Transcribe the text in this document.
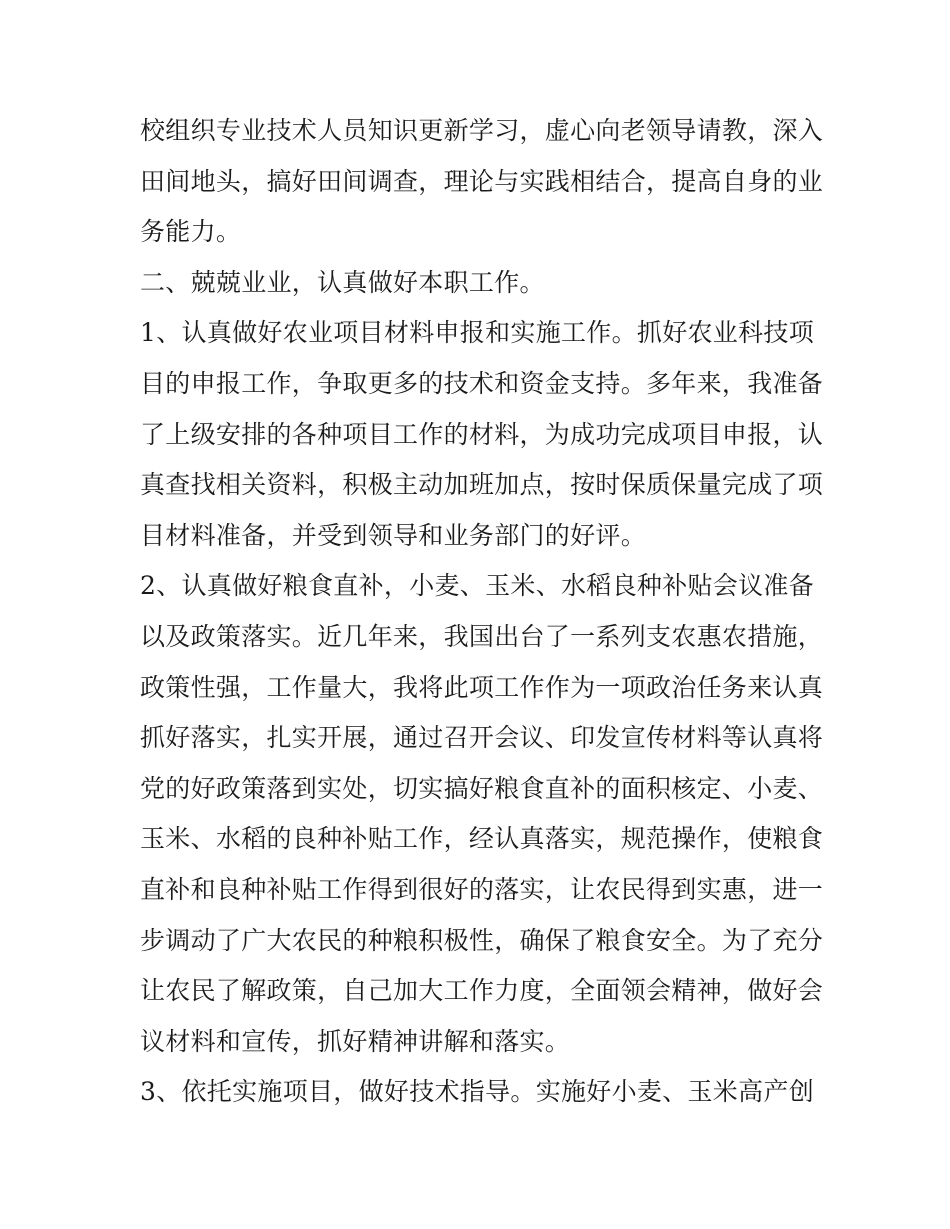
校组织专业技术人员知识更新学习，虚心向老领导请教，深入
田间地头，搞好田间调查，理论与实践相结合，提高自身的业
务能力。
二、兢兢业业，认真做好本职工作。
1、认真做好农业项目材料申报和实施工作。抓好农业科技项
目的申报工作，争取更多的技术和资金支持。多年来，我准备
了上级安排的各种项目工作的材料，为成功完成项目申报，认
真查找相关资料，积极主动加班加点，按时保质保量完成了项
目材料准备，并受到领导和业务部门的好评。
2、认真做好粮食直补，小麦、玉米、水稻良种补贴会议准备
以及政策落实。近几年来，我国出台了一系列支农惠农措施，
政策性强，工作量大，我将此项工作作为一项政治任务来认真
抓好落实，扎实开展，通过召开会议、印发宣传材料等认真将
党的好政策落到实处，切实搞好粮食直补的面积核定、小麦、
玉米、水稻的良种补贴工作，经认真落实，规范操作，使粮食
直补和良种补贴工作得到很好的落实，让农民得到实惠，进一
步调动了广大农民的种粮积极性，确保了粮食安全。为了充分
让农民了解政策，自己加大工作力度，全面领会精神，做好会
议材料和宣传，抓好精神讲解和落实。
3、依托实施项目，做好技术指导。实施好小麦、玉米高产创
